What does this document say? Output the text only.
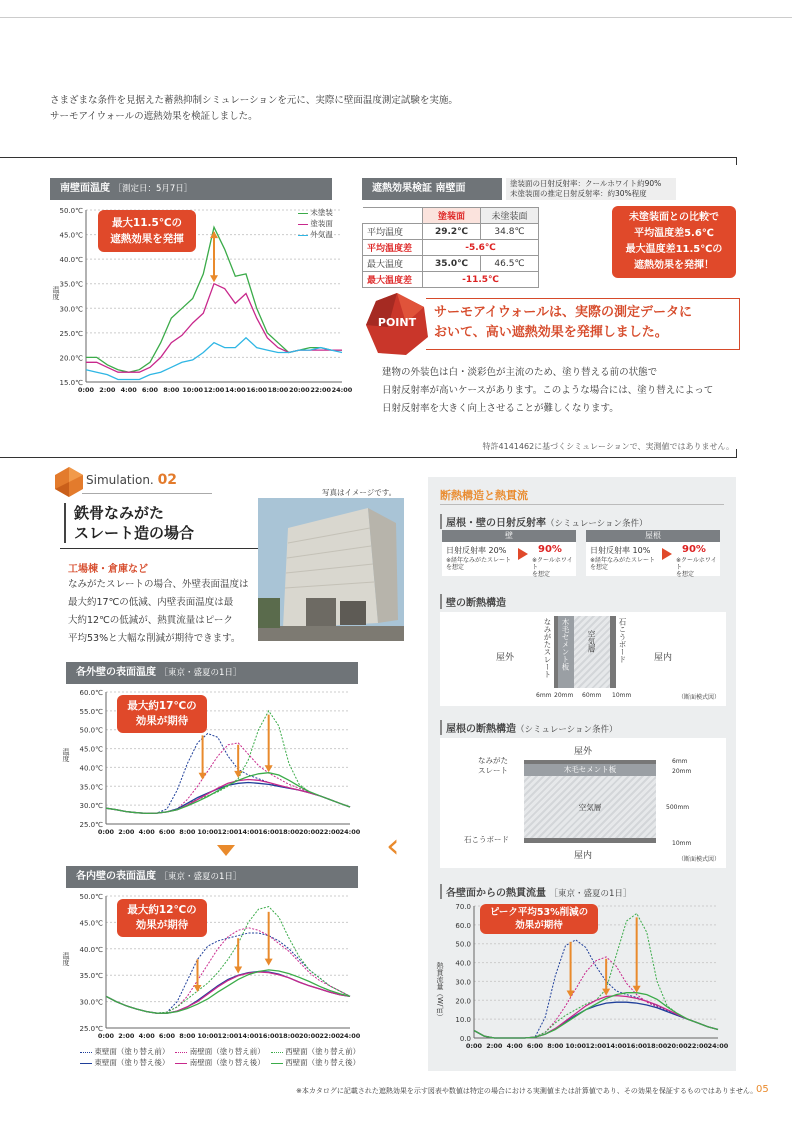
さまざまな条件を見据えた蓄熱抑制シミュレーションを元に、実際に壁面温度測定試験を実施。
サーモアイウォールの遮熱効果を検証しました。
南壁面温度 ［測定日：5月7日］
15.0℃
20.0℃
25.0℃
30.0℃
35.0℃
40.0℃
45.0℃
50.0℃
0:00 2:00 4:00 6:00 8:00 10:00 12:00 14:00 16:00 18:00 20:00 22:00 24:00
温度
最大11.5℃の
遮熱効果を発揮
未塗装
塗装面
外気温
遮熱効果検証 南壁面	塗装面の日射反射率：クールホワイト約90%
未塗装面の推定日射反射率：約30%程度
	塗装面	未塗装面
平均温度	29.2℃	34.8℃
平均温度差	-5.6℃	
最大温度	35.0℃	46.5℃
最大温度差	-11.5℃	
未塗装面との比較で
平均温度差5.6℃
最大温度差11.5℃の
遮熱効果を発揮！
POINT
サーモアイウォールは、実際の測定データに
おいて、高い遮熱効果を発揮しました。
建物の外装色は白・淡彩色が主流のため、塗り替える前の状態で
日射反射率が高いケースがあります。このような場合には、塗り替えによって
日射反射率を大きく向上させることが難しくなります。
特許4141462に基づくシミュレーションで、実測値ではありません。
Simulation. 02
鉄骨なみがた
スレート造の場合
写真はイメージです。
工場棟・倉庫など
なみがたスレートの場合、外壁表面温度は
最大約17℃の低減、内壁表面温度は最
大約12℃の低減が、熱貫流量はピーク
平均53%と大幅な削減が期待できます。
各外壁の表面温度 ［東京・盛夏の1日］
25.0℃
30.0℃
35.0℃
40.0℃
45.0℃
50.0℃
55.0℃
60.0℃
0:00 2:00 4:00 6:00 8:00 10:00 12:00 14:00 16:00 18:00 20:00 22:00 24:00
温度
最大約17℃の
効果が期待
各内壁の表面温度 ［東京・盛夏の1日］
25.0℃
30.0℃
35.0℃
40.0℃
45.0℃
50.0℃
0:00 2:00 4:00 6:00 8:00 10:00 12:00 14:00 16:00 18:00 20:00 22:00 24:00
温度
最大約12℃の
効果が期待
東壁面（塗り替え前）	南壁面（塗り替え前）	西壁面（塗り替え前）
東壁面（塗り替え後）	南壁面（塗り替え後）	西壁面（塗り替え後）
‹
断熱構造と熱貫流
屋根・壁の日射反射率（シミュレーション条件）
壁
日射反射率 20%
※経年なみがたスレート
を想定
90%
※クールホワイト
を想定
屋根
日射反射率 10%
※経年なみがたスレート
を想定
90%
※クールホワイト
を想定
壁の断熱構造
屋外	屋内
なみがたスレート 木毛セメント板 空気層	石こうボード
6mm 20mm 60mm 10mm	（断面模式図）
屋根の断熱構造（シミュレーション条件）
屋外
なみがた
スレート	木毛セメント板
空気層
石こうボード
屋内
6mm
20mm
500mm
10mm
（断面模式図）
各壁面からの熱貫流量 ［東京・盛夏の1日］
0.0
10.0
20.0
30.0
40.0
50.0
60.0
70.0
0:00 2:00 4:00 6:00 8:00 10:00 12:00 14:00 16:00 18:00 20:00 22:00 24:00
熱貫流量（W/㎡）
ピーク平均53%削減の
効果が期待
※本カタログに記載された遮熱効果を示す図表や数値は特定の場合における実測値または計算値であり、その効果を保証するものではありません。
05
